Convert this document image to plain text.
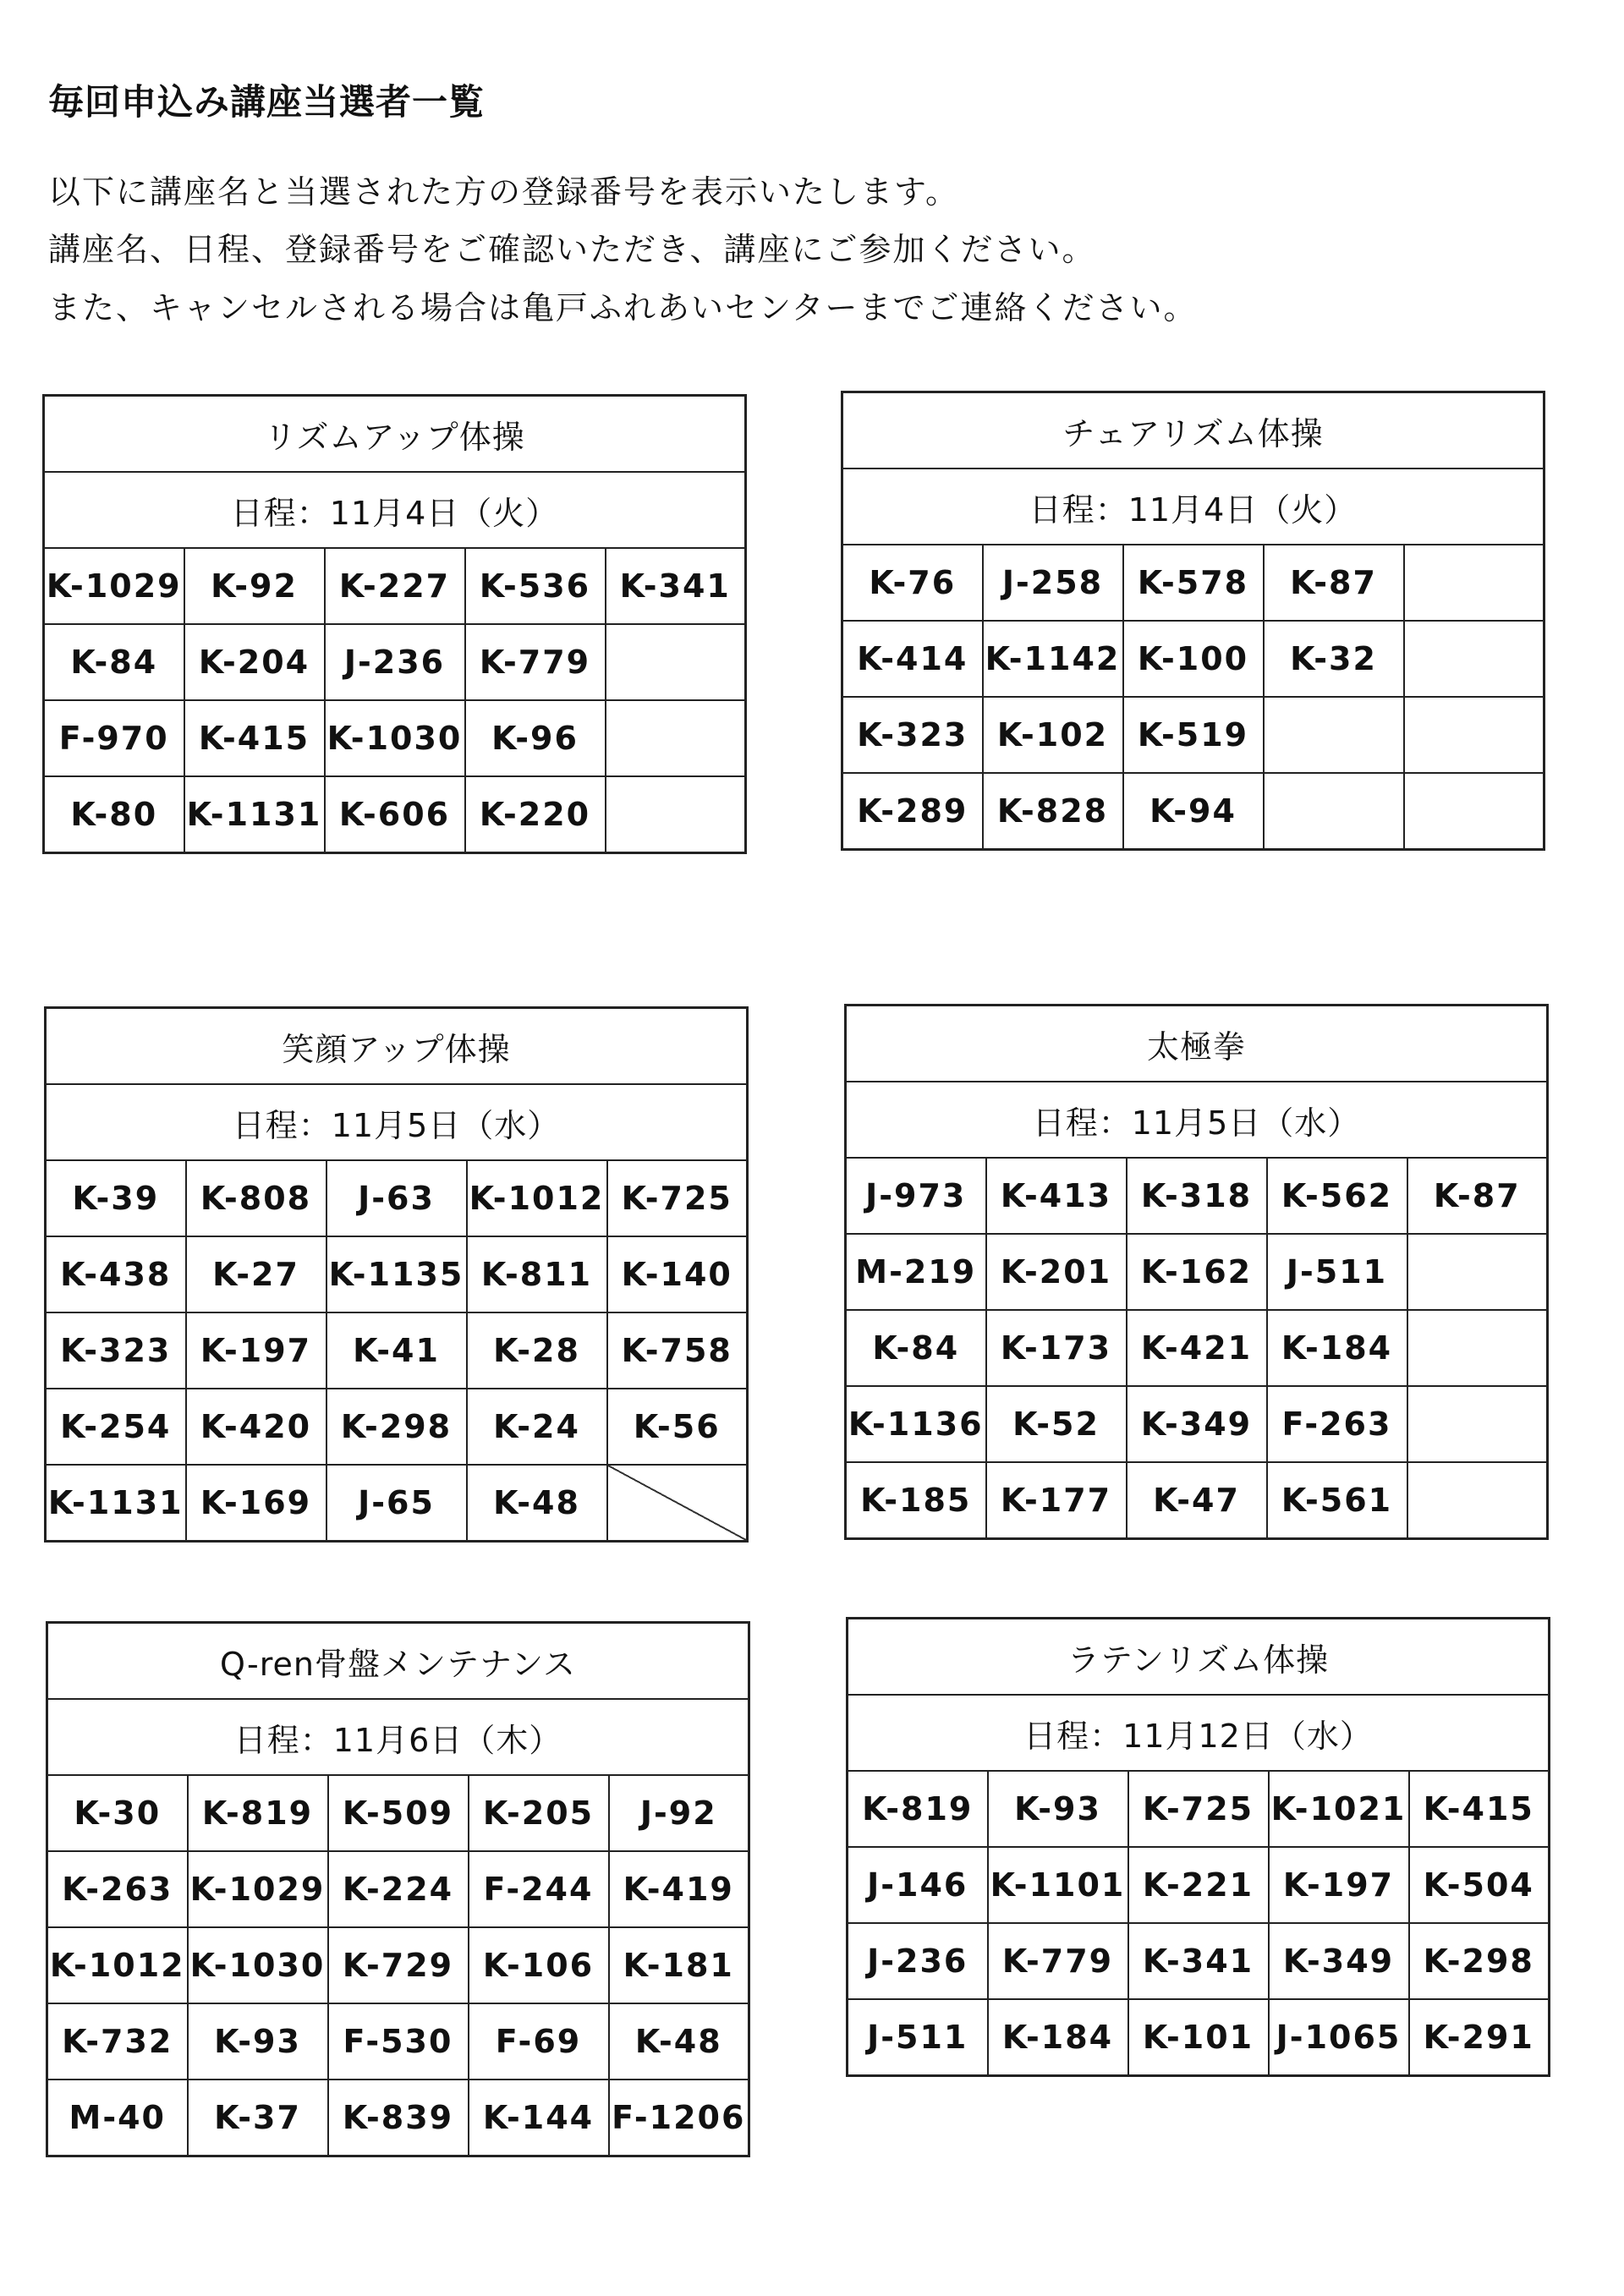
毎回申込み講座当選者一覧
以下に講座名と当選された方の登録番号を表示いたします。
講座名、日程、登録番号をご確認いただき、講座にご参加ください。
また、キャンセルされる場合は亀戸ふれあいセンターまでご連絡ください。
リズムアップ体操				
日程：11月4日（火）				
K-1029	K-92	K-227	K-536	K-341
K-84	K-204	J-236	K-779	
F-970	K-415	K-1030	K-96	
K-80	K-1131	K-606	K-220	
チェアリズム体操				
日程：11月4日（火）				
K-76	J-258	K-578	K-87	
K-414	K-1142	K-100	K-32	
K-323	K-102	K-519		
K-289	K-828	K-94		
笑顔アップ体操				
日程：11月5日（水）				
K-39	K-808	J-63	K-1012	K-725
K-438	K-27	K-1135	K-811	K-140
K-323	K-197	K-41	K-28	K-758
K-254	K-420	K-298	K-24	K-56
K-1131	K-169	J-65	K-48	
太極拳				
日程：11月5日（水）				
J-973	K-413	K-318	K-562	K-87
M-219	K-201	K-162	J-511	
K-84	K-173	K-421	K-184	
K-1136	K-52	K-349	F-263	
K-185	K-177	K-47	K-561	
Q-ren骨盤メンテナンス				
日程：11月6日（木）				
K-30	K-819	K-509	K-205	J-92
K-263	K-1029	K-224	F-244	K-419
K-1012	K-1030	K-729	K-106	K-181
K-732	K-93	F-530	F-69	K-48
M-40	K-37	K-839	K-144	F-1206
ラテンリズム体操				
日程：11月12日（水）				
K-819	K-93	K-725	K-1021	K-415
J-146	K-1101	K-221	K-197	K-504
J-236	K-779	K-341	K-349	K-298
J-511	K-184	K-101	J-1065	K-291
